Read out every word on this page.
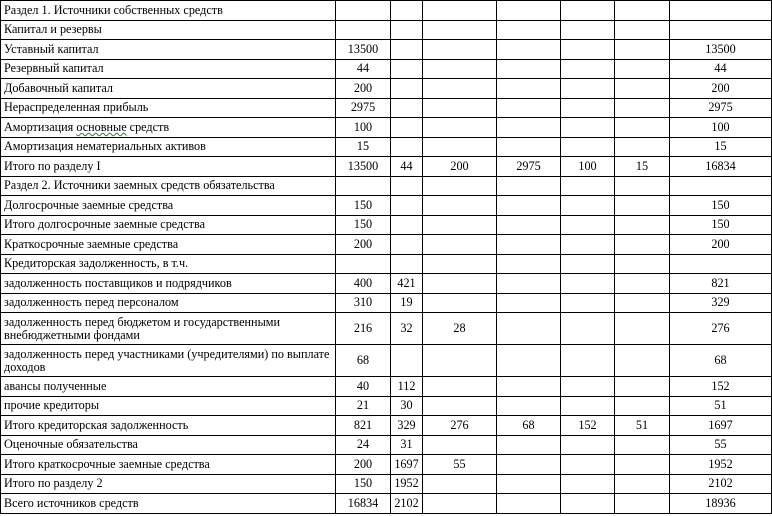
Раздел 1. Источники собственных средств							
Капитал и резервы							
Уставный капитал	13500						13500
Резервный капитал	44						44
Добавочный капитал	200						200
Нераспределенная прибыль	2975						2975
Амортизация основные средств	100						100
Амортизация нематериальных активов	15						15
Итого по разделу I	13500	44	200	2975	100	15	16834
Раздел 2. Источники заемных средств обязательства							
Долгосрочные заемные средства	150						150
Итого долгосрочные заемные средства	150						150
Краткосрочные заемные средства	200						200
Кредиторская задолженность, в т.ч.							
задолженность поставщиков и подрядчиков	400	421					821
задолженность перед персоналом	310	19					329
задолженность перед бюджетом и государственными внебюджетными фондами	216	32	28				276
задолженность перед участниками (учредителями) по выплате доходов	68						68
авансы полученные	40	112					152
прочие кредиторы	21	30					51
Итого кредиторская задолженность	821	329	276	68	152	51	1697
Оценочные обязательства	24	31					55
Итого краткосрочные заемные средства	200	1697	55				1952
Итого по разделу 2	150	1952					2102
Всего источников средств	16834	2102					18936
